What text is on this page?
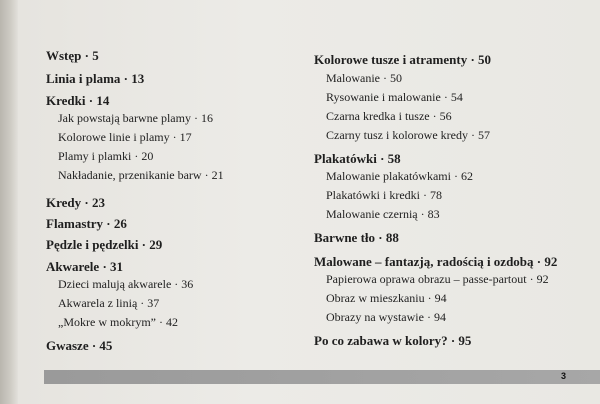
Wstęp · 5
Linia i plama · 13
Kredki · 14
Jak powstają barwne plamy · 16
Kolorowe linie i plamy · 17
Plamy i plamki · 20
Nakładanie, przenikanie barw · 21
Kredy · 23
Flamastry · 26
Pędzle i pędzelki · 29
Akwarele · 31
Dzieci malują akwarele · 36
Akwarela z linią · 37
„Mokre w mokrym” · 42
Gwasze · 45
Kolorowe tusze i atramenty · 50
Malowanie · 50
Rysowanie i malowanie · 54
Czarna kredka i tusze · 56
Czarny tusz i kolorowe kredy · 57
Plakatówki · 58
Malowanie plakatówkami · 62
Plakatówki i kredki · 78
Malowanie czernią · 83
Barwne tło · 88
Malowane – fantazją, radością i ozdobą · 92
Papierowa oprawa obrazu – passe-partout · 92
Obraz w mieszkaniu · 94
Obrazy na wystawie · 94
Po co zabawa w kolory? · 95
3
